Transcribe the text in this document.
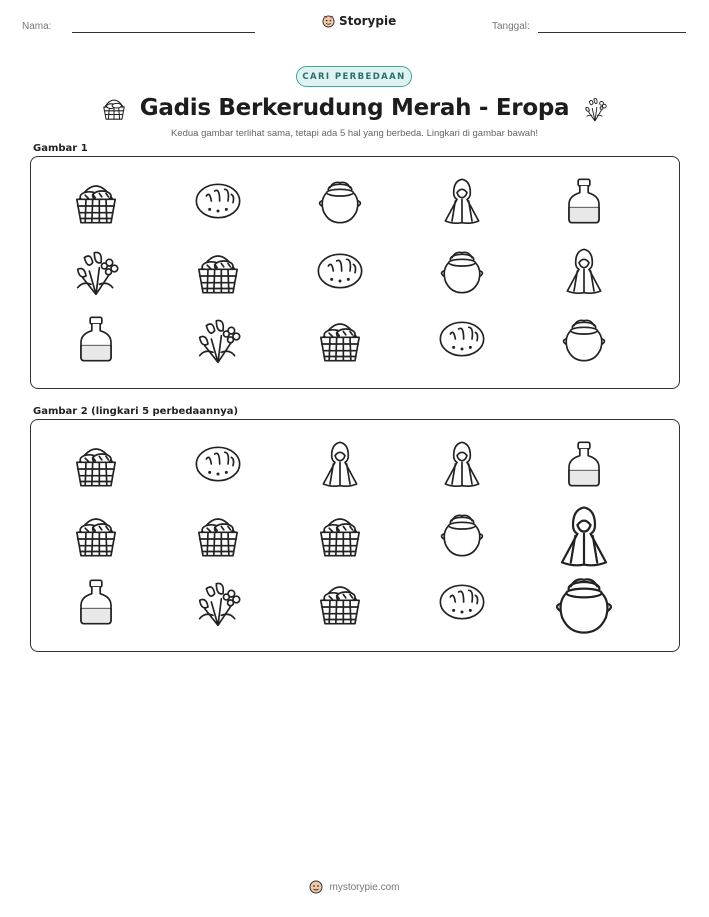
Nama:	Storypie	Tanggal:
CARI PERBEDAAN
Gadis Berkerudung Merah - Eropa
Kedua gambar terlihat sama, tetapi ada 5 hal yang berbeda. Lingkari di gambar bawah!
Gambar 1
Gambar 2 (lingkari 5 perbedaannya)
mystorypie.com
